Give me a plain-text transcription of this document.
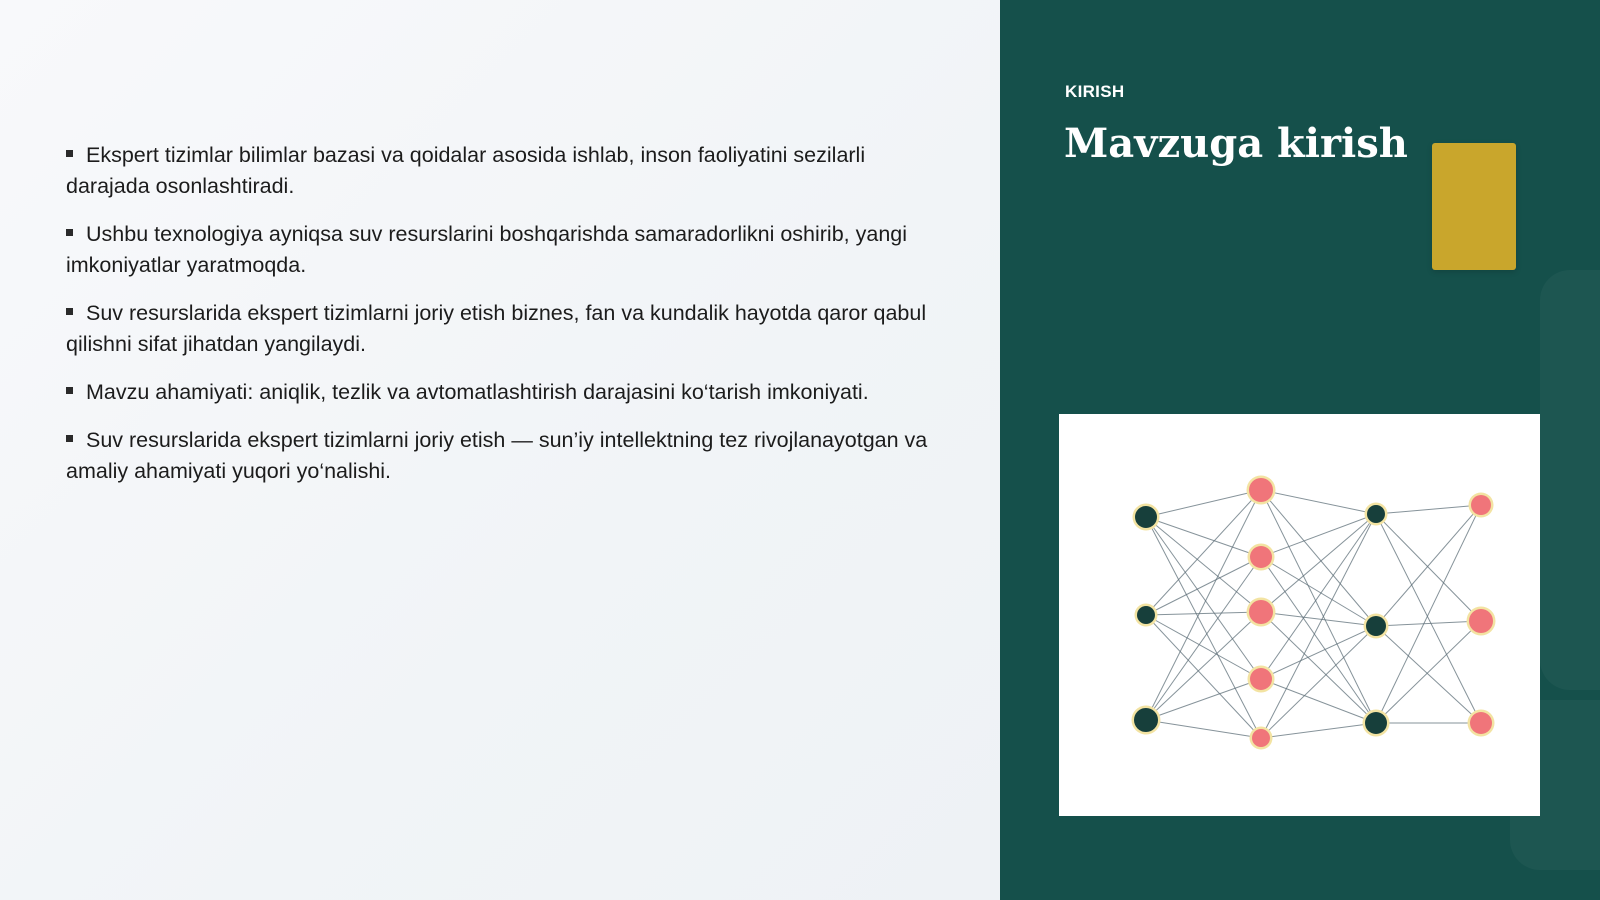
Ekspert tizimlar bilimlar bazasi va qoidalar asosida ishlab, inson faoliyatini sezilarli darajada osonlashtiradi.
Ushbu texnologiya ayniqsa suv resurslarini boshqarishda samaradorlikni oshirib, yangi imkoniyatlar yaratmoqda.
Suv resurslarida ekspert tizimlarni joriy etish biznes, fan va kundalik hayotda qaror qabul qilishni sifat jihatdan yangilaydi.
Mavzu ahamiyati: aniqlik, tezlik va avtomatlashtirish darajasini ko‘tarish imkoniyati.
Suv resurslarida ekspert tizimlarni joriy etish — sun’iy intellektning tez rivojlanayotgan va amaliy ahamiyati yuqori yo‘nalishi.
KIRISH
Mavzuga kirish
